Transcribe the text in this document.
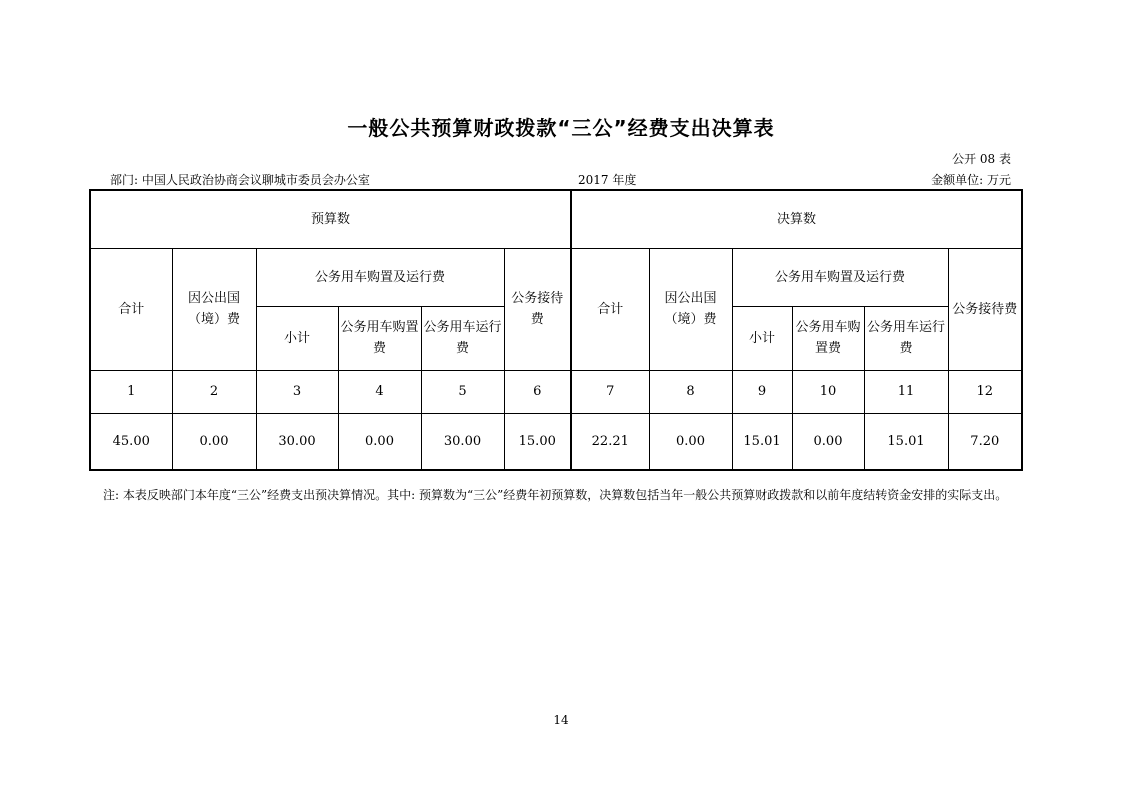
一般公共预算财政拨款“三公”经费支出决算表
公开 08 表
部门: 中国人民政治协商会议聊城市委员会办公室	2017 年度	金额单位: 万元
预算数						决算数					
合计	因公出国（境）费	公务用车购置及运行费			公务接待费	合计	因公出国（境）费	公务用车购置及运行费			公务接待费
		小计	公务用车购置费	公务用车运行费				小计	公务用车购置费	公务用车运行费	
1	2	3	4	5	6	7	8	9	10	11	12
45.00	0.00	30.00	0.00	30.00	15.00	22.21	0.00	15.01	0.00	15.01	7.20
注: 本表反映部门本年度“三公”经费支出预决算情况。其中: 预算数为“三公”经费年初预算数，决算数包括当年一般公共预算财政拨款和以前年度结转资金安排的实际支出。
14
